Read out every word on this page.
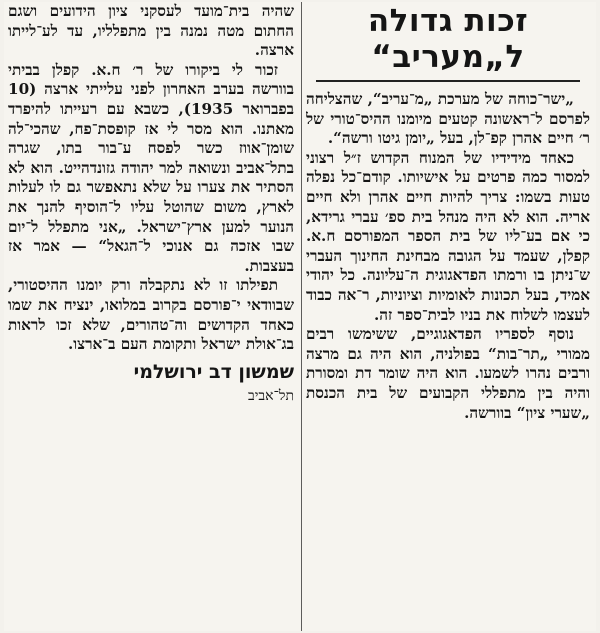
זכות גדולה
ל„מעריב“

„ישר־כוחה של מערכת „מ־עריב“, שהצליחה לפרסם ל־ראשונה קטעים מיומנו ההיס־טורי של ר׳ חיים אהרן קפ־לן, בעל „יומן גיטו ורשה“.

כאחד מידידיו של המנוח הקדוש ז״ל רצוני למסור כמה פרטים על אישיותו. קודם־כל נפלה טעות בשמו: צריך להיות חיים אהרן ולא חיים אריה. הוא לא היה מנהל בית ספ׳ עברי גרידא, כי אם בע־ליו של בית הספר המפורסם ח.א. קפלן, שעמד על הגובה מבחינת החינוך העברי ש־ניתן בו ורמתו הפדאגוגית ה־עליונה. כל יהודי אמיד, בעל תכונות לאומיות וציוניות, ר־אה כבוד לעצמו לשלוח את בניו לבית־ספר זה.

נוסף לספריו הפדאגוגיים, ששימשו רבים ממורי „תר־בות“ בפולניה, הוא היה גם מרצה ורבים נהרו לשמעו. הוא היה שומר דת ומסורת והיה בין מתפללי הקבועים של בית הכנסת „שערי ציון“ בוורשה.

שהיה בית־מועד לעסקני ציון הידועים ושגם החתום מטה נמנה בין מתפלליו, עד לע־לייתו ארצה.

זכור לי ביקורו של ר׳ ח.א. קפלן בביתי בוורשה בערב האחרון לפני עלייתי ארצה (10 בפברואר 1935), כשבא עם רעייתו להיפרד מאתנו. הוא מסר לי אז קופסת־פח, שהכי־לה שומן־אווז כשר לפסח ע־בור בתו, שגרה בתל־אביב ונשואה למר יהודה גזונדהייט. הוא לא הסתיר את צערו על שלא נתאפשר גם לו לעלות לארץ, משום שהוטל עליו ל־הוסיף להנך את הנוער למען ארץ־ישראל. „אני מתפלל ל־יום שבו אזכה גם אנוכי ל־הגאל“ — אמר אז בעצבות.

תפילתו זו לא נתקבלה ורק יומנו ההיסטורי, שבוודאי י־פורסם בקרוב במלואו, ינציח את שמו כאחד הקדושים וה־טהורים, שלא זכו לראות בג־אולת ישראל ותקומת העם ב־ארצו.

שמשון דב ירושלמי
תל־אביב
